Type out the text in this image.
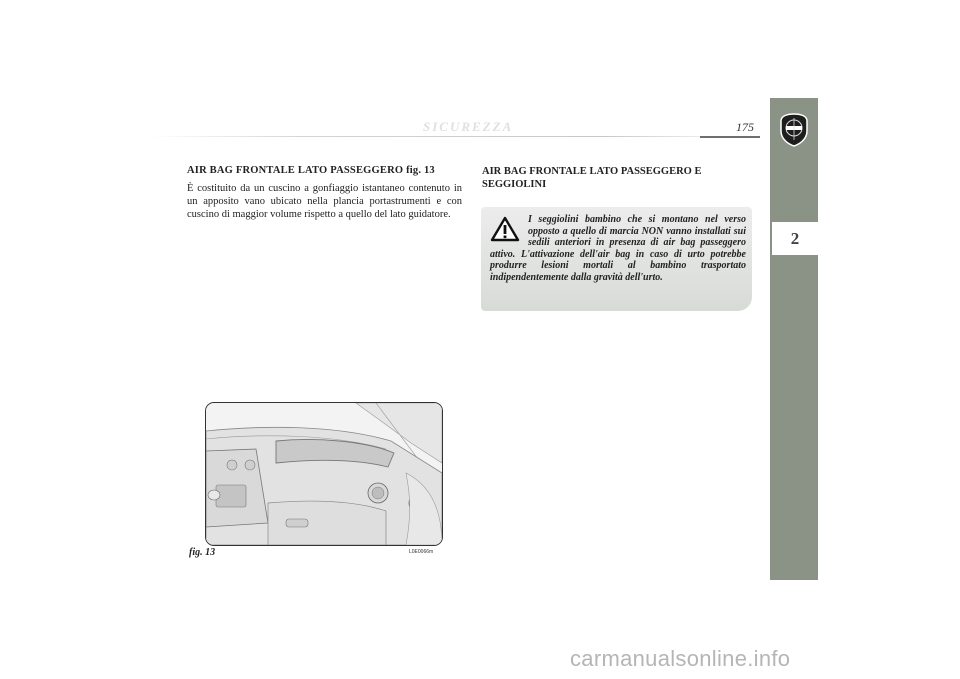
SICUREZZA	175
2
AIR BAG FRONTALE LATO PASSEGGERO fig. 13
È costituito da un cuscino a gonfiaggio istantaneo contenuto in un apposito vano ubicato nella plancia portastrumenti e con cuscino di maggior volume rispetto a quello del lato guidatore.
AIR BAG FRONTALE LATO PASSEGGERO E SEGGIOLINI
I seggiolini bambino che si montano nel verso opposto a quello di marcia NON vanno installati sui sedili anteriori in presenza di air bag passeggero attivo. L'attivazione dell'air bag in caso di urto potrebbe produrre lesioni mortali al bambino trasportato indipendentemente dalla gravità dell'urto.
fig. 13	L0E0066m
carmanualsonline.info
